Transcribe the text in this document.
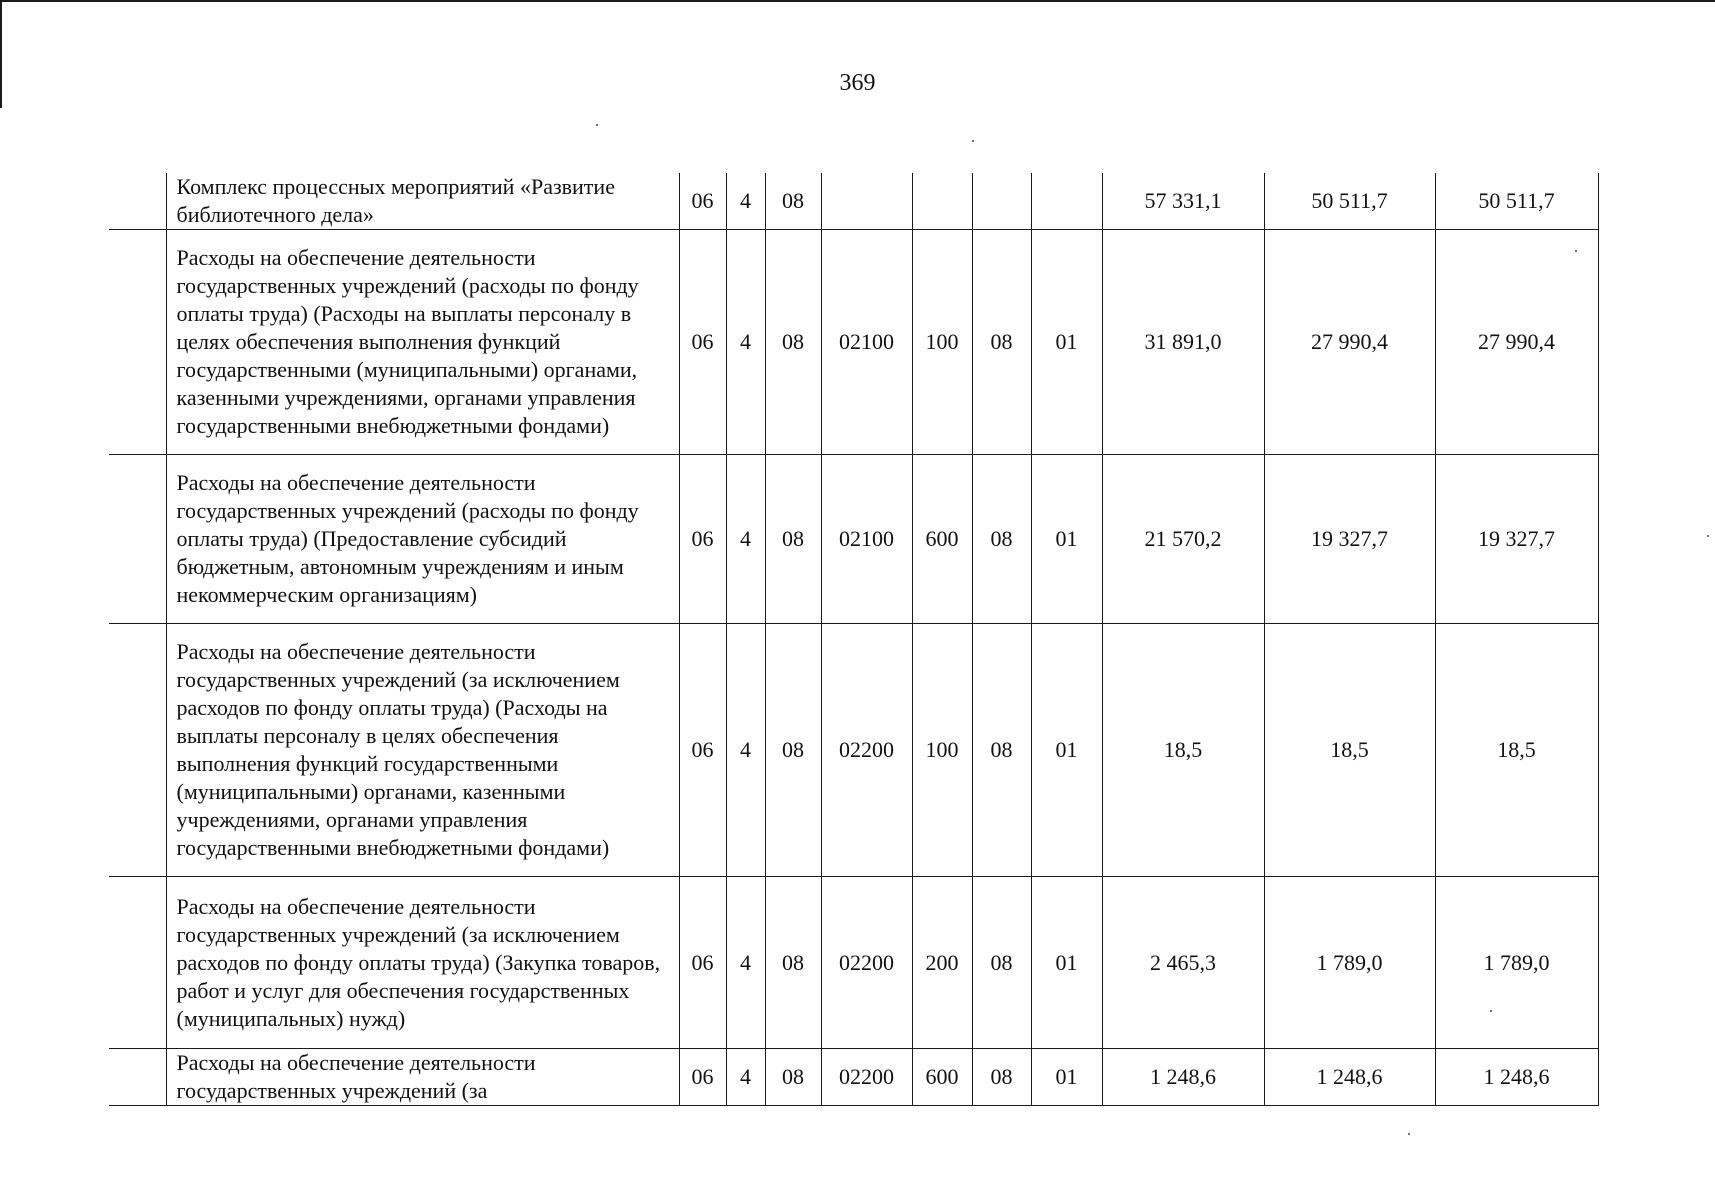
369
	Комплекс процессных мероприятий «Развитие библиотечного дела»	06	4	08					57 331,1	50 511,7	50 511,7
	Расходы на обеспечение деятельности государственных учреждений (расходы по фонду оплаты труда) (Расходы на выплаты персоналу в целях обеспечения выполнения функций государственными (муниципальными) органами, казенными учреждениями, органами управления государственными внебюджетными фондами)	06	4	08	02100	100	08	01	31 891,0	27 990,4	27 990,4
	Расходы на обеспечение деятельности государственных учреждений (расходы по фонду оплаты труда) (Предоставление субсидий бюджетным, автономным учреждениям и иным некоммерческим организациям)	06	4	08	02100	600	08	01	21 570,2	19 327,7	19 327,7
	Расходы на обеспечение деятельности государственных учреждений (за исключением расходов по фонду оплаты труда) (Расходы на выплаты персоналу в целях обеспечения выполнения функций государственными (муниципальными) органами, казенными учреждениями, органами управления государственными внебюджетными фондами)	06	4	08	02200	100	08	01	18,5	18,5	18,5
	Расходы на обеспечение деятельности государственных учреждений (за исключением расходов по фонду оплаты труда) (Закупка товаров, работ и услуг для обеспечения государственных (муниципальных) нужд)	06	4	08	02200	200	08	01	2 465,3	1 789,0	1 789,0
	Расходы на обеспечение деятельности государственных учреждений (за	06	4	08	02200	600	08	01	1 248,6	1 248,6	1 248,6
